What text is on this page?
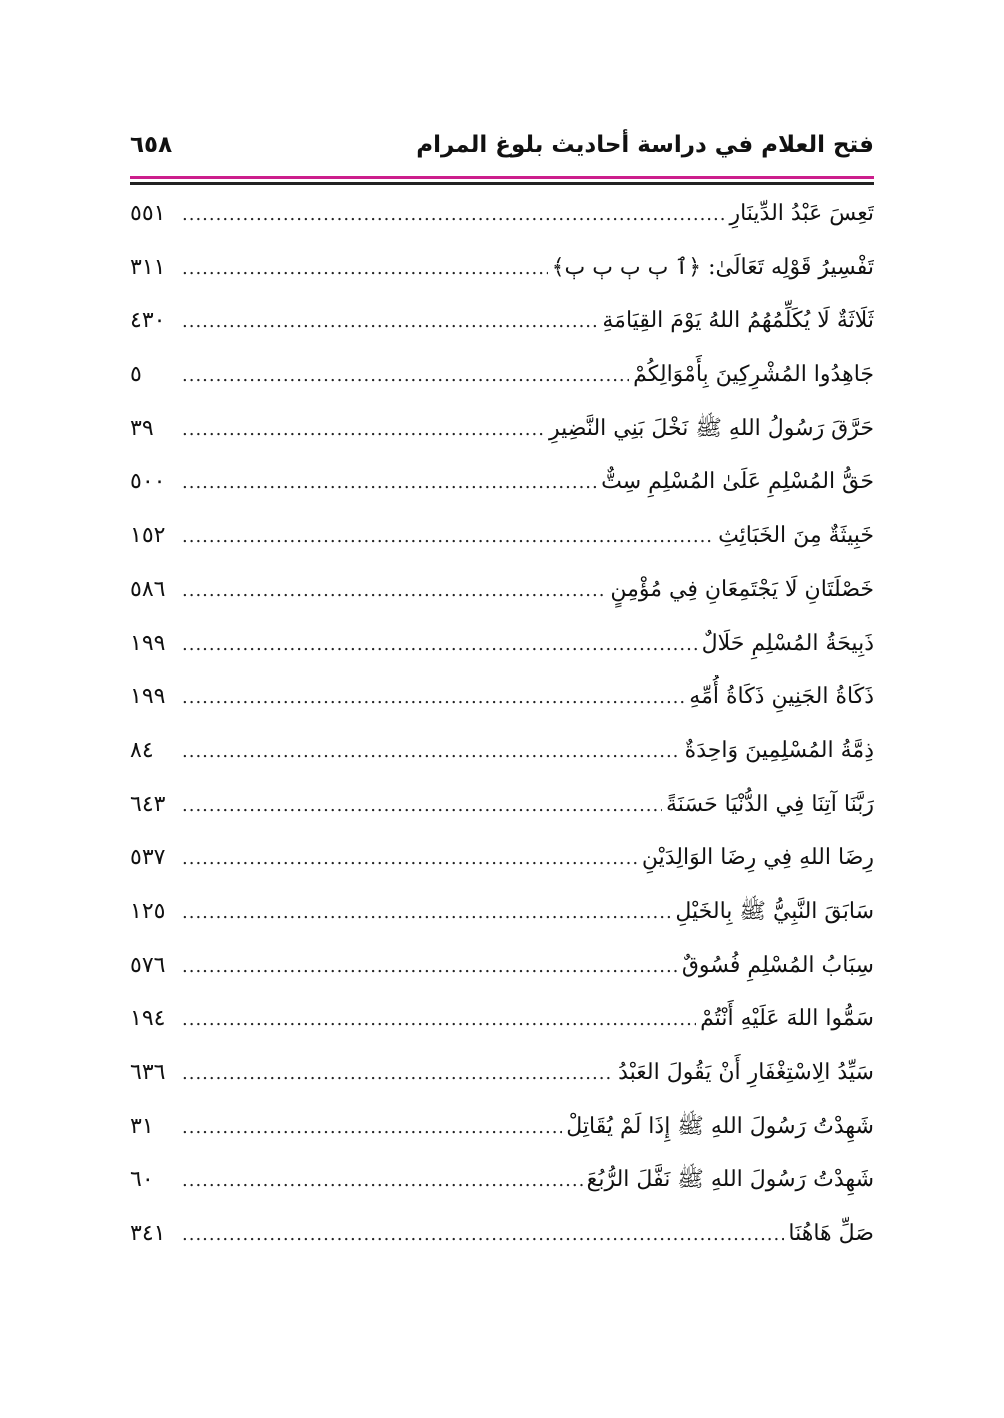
فتح العلام في دراسة أحاديث بلوغ المرام
٦٥٨
تَعِسَ عَبْدُ الدِّينَارِ
.....
٥٥١
تَفْسِيرُ قَوْلِه تَعَالَىٰ: ﴿ٱ ٻ ٻ ٻ ٻ﴾
.....
٣١١
ثَلَاثَةٌ لَا يُكَلِّمُهُمُ اللهُ يَوْمَ القِيَامَةِ
.....
٤٣٠
جَاهِدُوا المُشْرِكِينَ بِأَمْوَالِكُمْ
.....
٥
حَرَّقَ رَسُولُ اللهِ ﷺ نَخْلَ بَنِي النَّضِيرِ
.....
٣٩
حَقُّ المُسْلِمِ عَلَىٰ المُسْلِمِ سِتٌّ
.....
٥٠٠
خَبِيثَةٌ مِنَ الخَبَائِثِ
.....
١٥٢
خَصْلَتَانِ لَا يَجْتَمِعَانِ فِي مُؤْمِنٍ
.....
٥٨٦
ذَبِيحَةُ المُسْلِمِ حَلَالٌ
.....
١٩٩
ذَكَاةُ الجَنِينِ ذَكَاةُ أُمِّهِ
.....
١٩٩
ذِمَّةُ المُسْلِمِينَ وَاحِدَةٌ
.....
٨٤
رَبَّنَا آتِنَا فِي الدُّنْيَا حَسَنَةً
.....
٦٤٣
رِضَا اللهِ فِي رِضَا الوَالِدَيْنِ
.....
٥٣٧
سَابَقَ النَّبِيُّ ﷺ بِالخَيْلِ
.....
١٢٥
سِبَابُ المُسْلِمِ فُسُوقٌ
.....
٥٧٦
سَمُّوا اللهَ عَلَيْهِ أَنْتُمْ
.....
١٩٤
سَيِّدُ الِاسْتِغْفَارِ أَنْ يَقُولَ العَبْدُ
.....
٦٣٦
شَهِدْتُ رَسُولَ اللهِ ﷺ إِذَا لَمْ يُقَاتِلْ
.....
٣١
شَهِدْتُ رَسُولَ اللهِ ﷺ نَفَّلَ الرُّبُعَ
.....
٦٠
صَلِّ هَاهُنَا
.....
٣٤١
